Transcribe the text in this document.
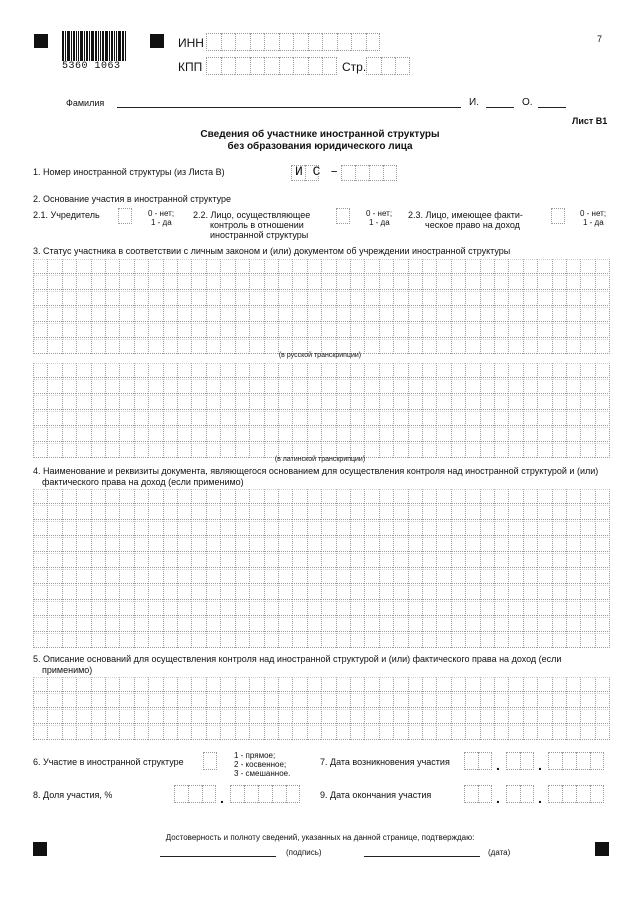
5360 1063
7
ИНН
КПП	Стр.
Фамилия	И.	О.
Лист В1
Сведения об участнике иностранной структуры
без образования юридического лица
1. Номер иностранной структуры (из Листа В)	И С –
2. Основание участия в иностранной структуре
2.1. Учредитель	0 - нет;
1 - да
2.2. Лицо, осуществляющее
контроль в отношении
иностранной структуры
0 - нет;
1 - да
2.3. Лицо, имеющее факти-
ческое право на доход
0 - нет;
1 - да
3. Статус участника в соответствии с личным законом и (или) документом об учреждении иностранной структуры
(в русской транскрипции)
(в латинской транскрипции)
4. Наименование и реквизиты документа, являющегося основанием для осуществления контроля над иностранной структурой и (или)
фактического права на доход (если применимо)
5. Описание оснований для осуществления контроля над иностранной структурой и (или) фактического права на доход (если
применимо)
6. Участие в иностранной структуре
1 - прямое;
2 - косвенное;
3 - смешанное.
7. Дата возникновения участия	.	.
8. Доля участия, %	.	9. Дата окончания участия	.	.
Достоверность и полноту сведений, указанных на данной странице, подтверждаю:
(подпись)	(дата)
